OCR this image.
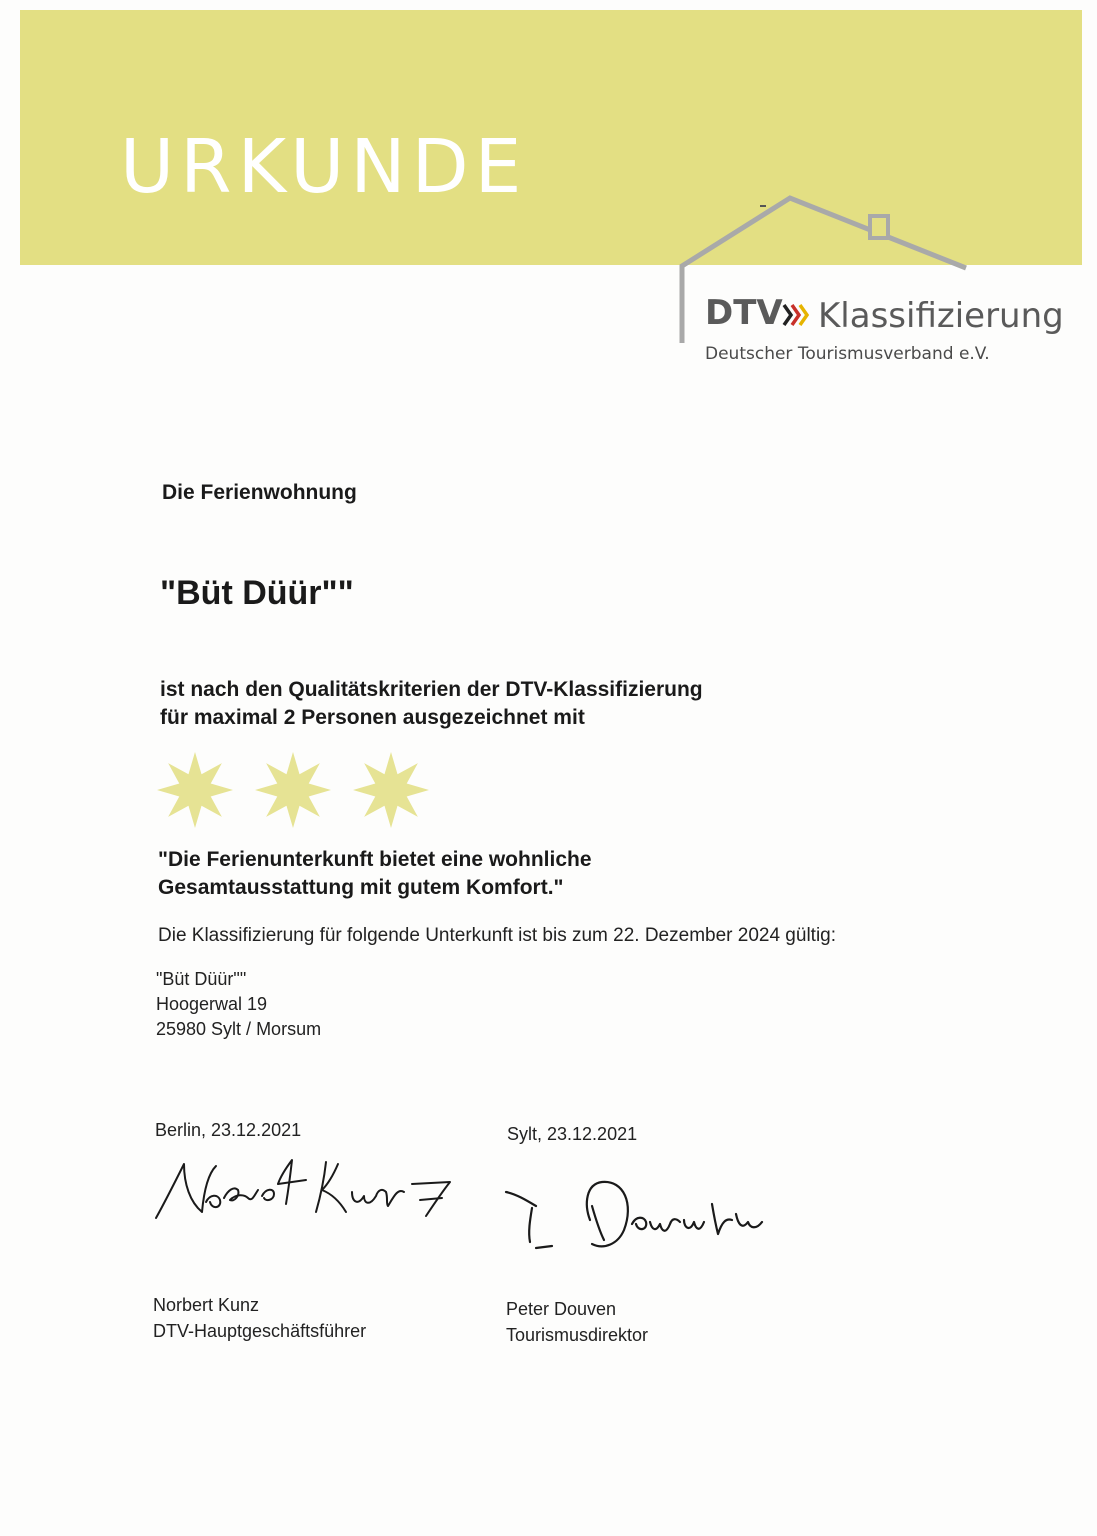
URKUNDE
DTV Klassifizierung
Deutscher Tourismusverband e.V.
Die Ferienwohnung
"Büt Düür""
ist nach den Qualitätskriterien der DTV-Klassifizierung
für maximal 2 Personen ausgezeichnet mit
"Die Ferienunterkunft bietet eine wohnliche
Gesamtausstattung mit gutem Komfort."
Die Klassifizierung für folgende Unterkunft ist bis zum 22. Dezember 2024 gültig:
"Büt Düür""
Hoogerwal 19
25980 Sylt / Morsum
Berlin, 23.12.2021	Sylt, 23.12.2021
Norbert Kunz
DTV-Hauptgeschäftsführer
Peter Douven
Tourismusdirektor
